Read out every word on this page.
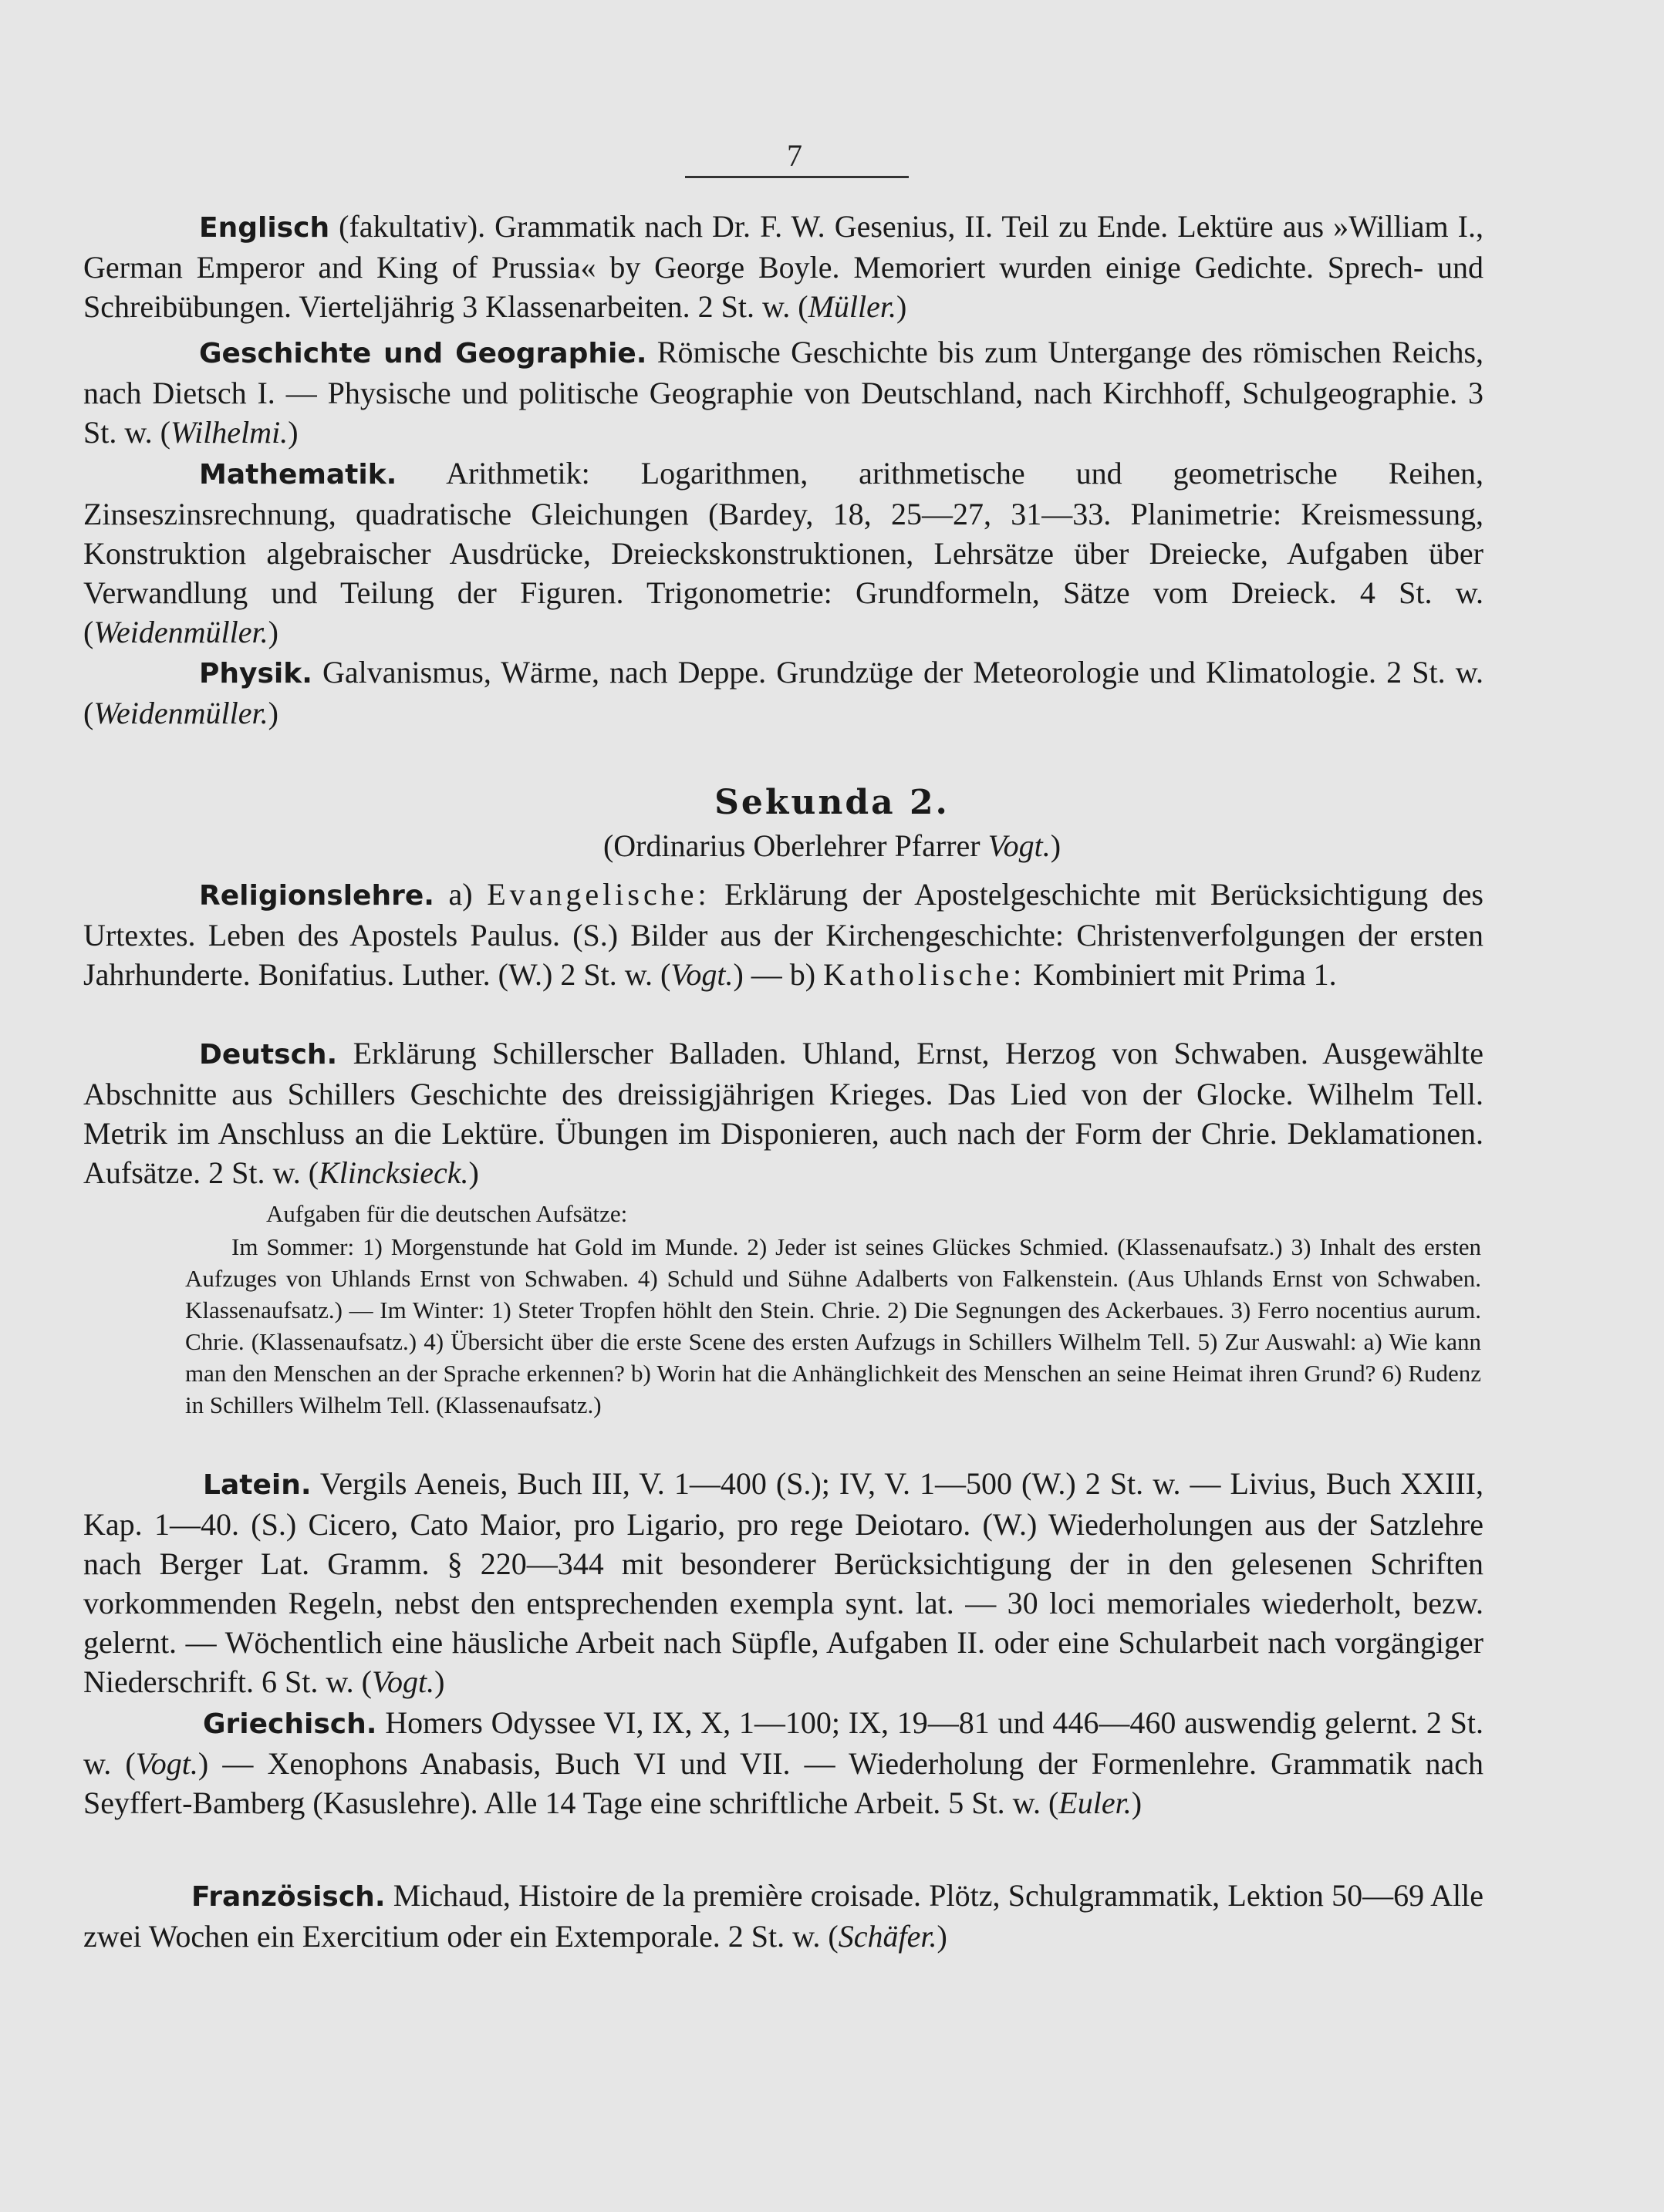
7
Englisch (fakultativ). Grammatik nach Dr. F. W. Gesenius, II. Teil zu Ende. Lektüre aus »William I., German Emperor and King of Prussia« by George Boyle. Memoriert wurden einige Gedichte. Sprech- und Schreibübungen. Vierteljährig 3 Klassenarbeiten. 2 St. w. (Müller.)
Geschichte und Geographie. Römische Geschichte bis zum Untergange des römischen Reichs, nach Dietsch I. — Physische und politische Geographie von Deutschland, nach Kirchhoff, Schulgeographie. 3 St. w. (Wilhelmi.)
Mathematik. Arithmetik: Logarithmen, arithmetische und geometrische Reihen, Zinseszinsrechnung, quadratische Gleichungen (Bardey, 18, 25—27, 31—33. Planimetrie: Kreismessung, Konstruktion algebraischer Ausdrücke, Dreieckskonstruktionen, Lehrsätze über Dreiecke, Aufgaben über Verwandlung und Teilung der Figuren. Trigonometrie: Grundformeln, Sätze vom Dreieck. 4 St. w. (Weidenmüller.)
Physik. Galvanismus, Wärme, nach Deppe. Grundzüge der Meteorologie und Klimatologie. 2 St. w. (Weidenmüller.)
Sekunda 2.
(Ordinarius Oberlehrer Pfarrer Vogt.)
Religionslehre. a) Evangelische: Erklärung der Apostelgeschichte mit Berücksichtigung des Urtextes. Leben des Apostels Paulus. (S.) Bilder aus der Kirchengeschichte: Christenverfolgungen der ersten Jahrhunderte. Bonifatius. Luther. (W.) 2 St. w. (Vogt.) — b) Katholische: Kombiniert mit Prima 1.
Deutsch. Erklärung Schillerscher Balladen. Uhland, Ernst, Herzog von Schwaben. Ausgewählte Abschnitte aus Schillers Geschichte des dreissigjährigen Krieges. Das Lied von der Glocke. Wilhelm Tell. Metrik im Anschluss an die Lektüre. Übungen im Disponieren, auch nach der Form der Chrie. Deklamationen. Aufsätze. 2 St. w. (Klincksieck.)
Aufgaben für die deutschen Aufsätze:
Im Sommer: 1) Morgenstunde hat Gold im Munde. 2) Jeder ist seines Glückes Schmied. (Klassenaufsatz.) 3) Inhalt des ersten Aufzuges von Uhlands Ernst von Schwaben. 4) Schuld und Sühne Adalberts von Falkenstein. (Aus Uhlands Ernst von Schwaben. Klassenaufsatz.) — Im Winter: 1) Steter Tropfen höhlt den Stein. Chrie. 2) Die Segnungen des Ackerbaues. 3) Ferro nocentius aurum. Chrie. (Klassenaufsatz.) 4) Übersicht über die erste Scene des ersten Aufzugs in Schillers Wilhelm Tell. 5) Zur Auswahl: a) Wie kann man den Menschen an der Sprache erkennen? b) Worin hat die Anhänglichkeit des Menschen an seine Heimat ihren Grund? 6) Rudenz in Schillers Wilhelm Tell. (Klassenaufsatz.)
Latein. Vergils Aeneis, Buch III, V. 1—400 (S.); IV, V. 1—500 (W.) 2 St. w. — Livius, Buch XXIII, Kap. 1—40. (S.) Cicero, Cato Maior, pro Ligario, pro rege Deiotaro. (W.) Wiederholungen aus der Satzlehre nach Berger Lat. Gramm. § 220—344 mit besonderer Berücksichtigung der in den gelesenen Schriften vorkommenden Regeln, nebst den entsprechenden exempla synt. lat. — 30 loci memoriales wiederholt, bezw. gelernt. — Wöchentlich eine häusliche Arbeit nach Süpfle, Aufgaben II. oder eine Schularbeit nach vorgängiger Niederschrift. 6 St. w. (Vogt.)
Griechisch. Homers Odyssee VI, IX, X, 1—100; IX, 19—81 und 446—460 auswendig gelernt. 2 St. w. (Vogt.) — Xenophons Anabasis, Buch VI und VII. — Wiederholung der Formenlehre. Grammatik nach Seyffert-Bamberg (Kasuslehre). Alle 14 Tage eine schriftliche Arbeit. 5 St. w. (Euler.)
Französisch. Michaud, Histoire de la première croisade. Plötz, Schulgrammatik, Lektion 50—69 Alle zwei Wochen ein Exercitium oder ein Extemporale. 2 St. w. (Schäfer.)
